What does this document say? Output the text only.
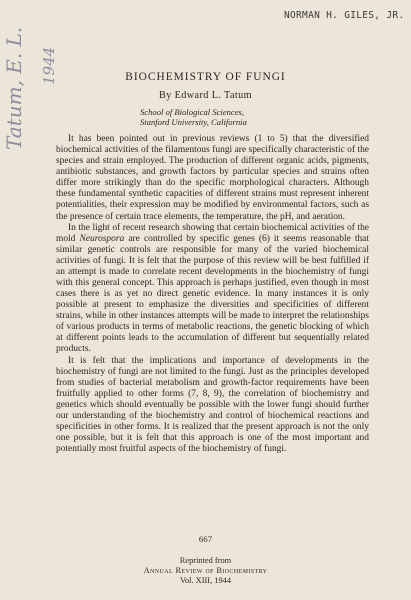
NORMAN H. GILES, JR.
Tatum, E. L. 1944	BIOCHEMISTRY OF FUNGI
By Edward L. Tatum
School of Biological Sciences,
Stanford University, California

It has been pointed out in previous reviews (1 to 5) that the diversified biochemical activities of the filamentous fungi are specifically characteristic of the species and strain employed. The production of different organic acids, pigments, antibiotic substances, and growth factors by particular species and strains often differ more strikingly than do the specific morphological characters. Although these fundamental synthetic capacities of different strains must represent inherent potentialities, their expression may be modified by environmental factors, such as the presence of certain trace elements, the temperature, the pH, and aeration.

In the light of recent research showing that certain biochemical activities of the mold Neurospora are controlled by specific genes (6) it seems reasonable that similar genetic controls are responsible for many of the varied biochemical activities of fungi. It is felt that the purpose of this review will be best fulfilled if an attempt is made to correlate recent developments in the biochemistry of fungi with this general concept. This approach is perhaps justified, even though in most cases there is as yet no direct genetic evidence. In many instances it is only possible at present to emphasize the diversities and specificities of different strains, while in other instances attempts will be made to interpret the relationships of various products in terms of metabolic reactions, the genetic blocking of which at different points leads to the accumulation of different but sequentially related products.

It is felt that the implications and importance of developments in the biochemistry of fungi are not limited to the fungi. Just as the principles developed from studies of bacterial metabolism and growth-factor requirements have been fruitfully applied to other forms (7, 8, 9), the correlation of biochemistry and genetics which should eventually be possible with the lower fungi should further our understanding of the biochemistry and control of biochemical reactions and specificities in other forms. It is realized that the present approach is not the only one possible, but it is felt that this approach is one of the most important and potentially most fruitful aspects of the biochemistry of fungi.

667
Reprinted from
Annual Review of Biochemistry
Vol. XIII, 1944
